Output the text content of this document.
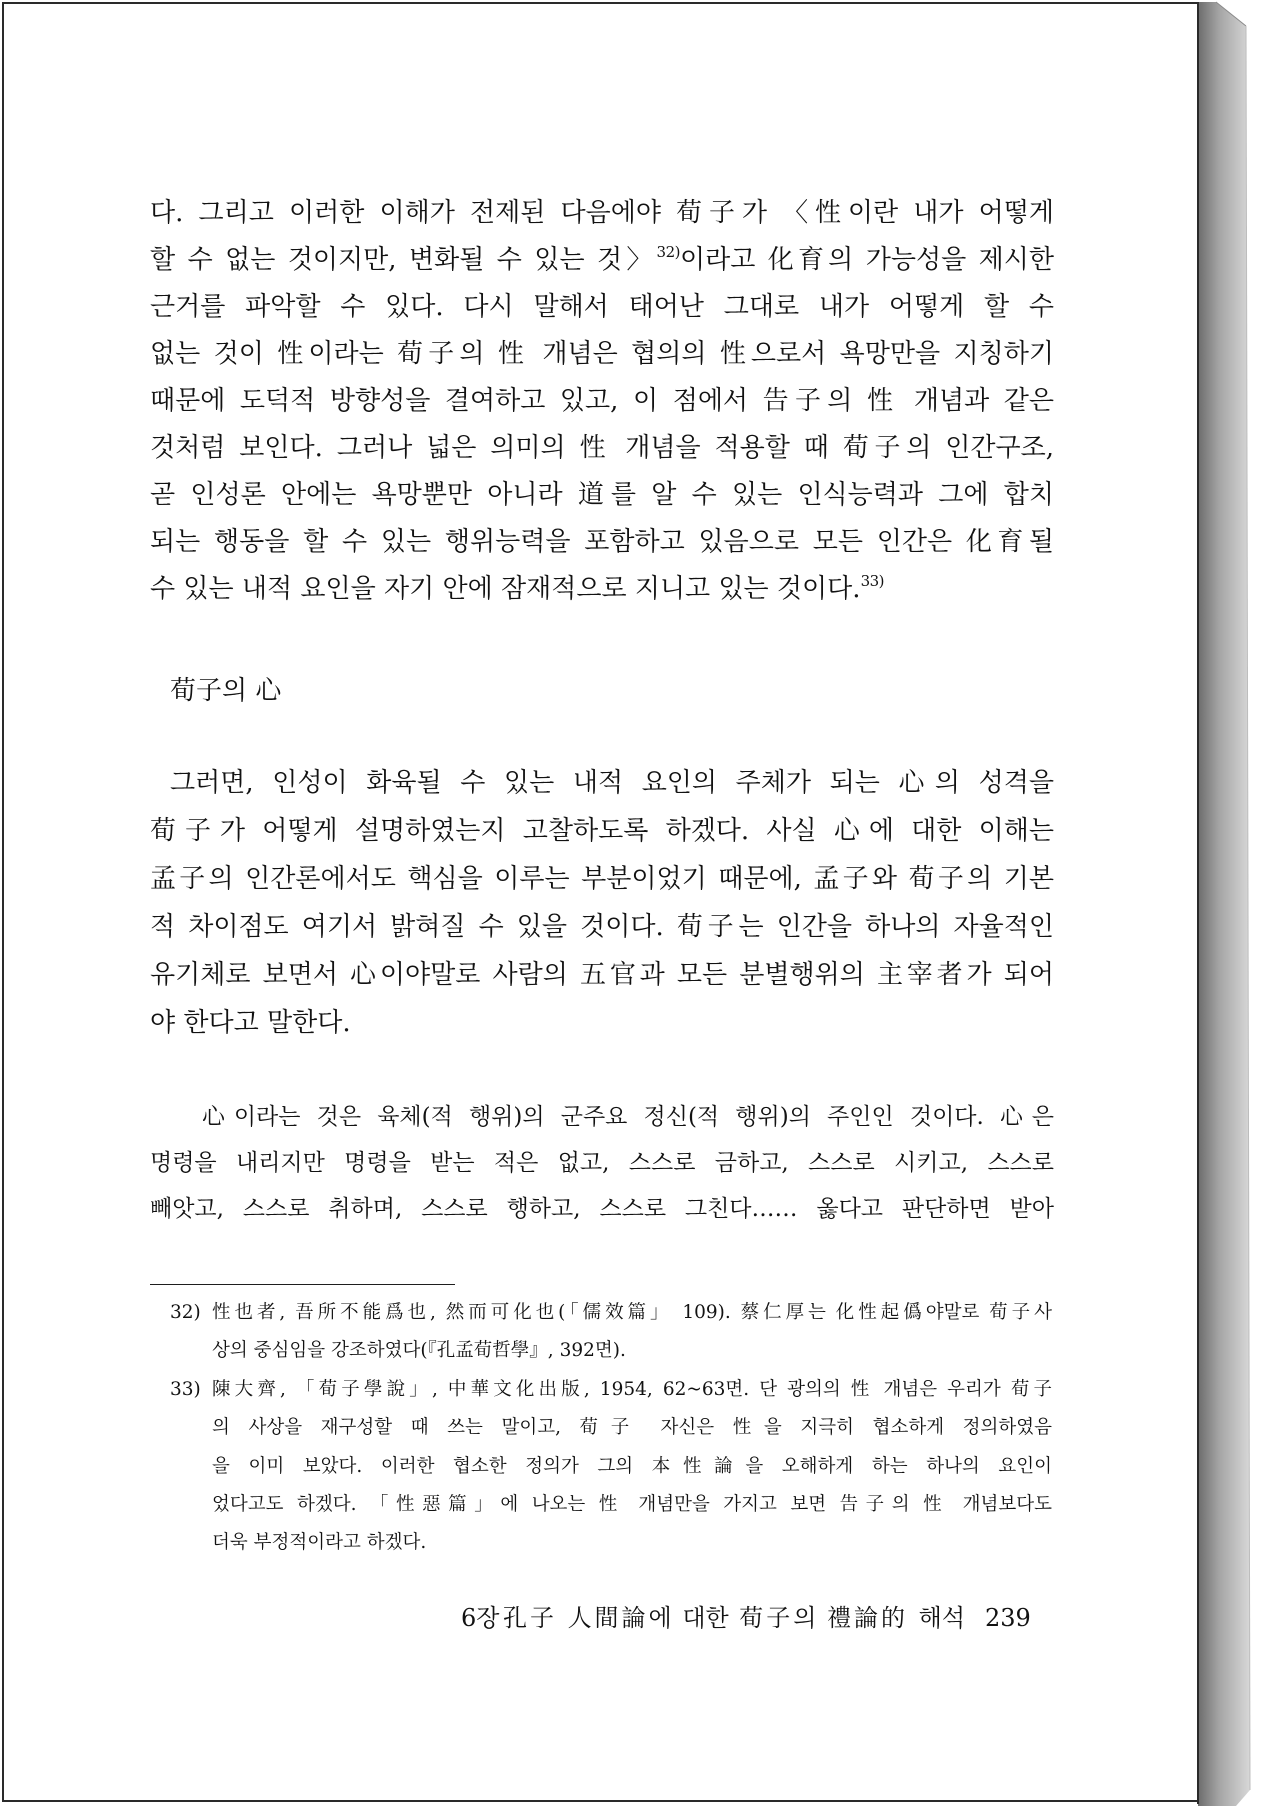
다. 그리고 이러한 이해가 전제된 다음에야 荀子가 〈性이란 내가 어떻게
할 수 없는 것이지만, 변화될 수 있는 것〉$^{32)}$이라고 化育의 가능성을 제시한
근거를 파악할 수 있다. 다시 말해서 태어난 그대로 내가 어떻게 할 수
없는 것이 性이라는 荀子의 性 개념은 협의의 性으로서 욕망만을 지칭하기
때문에 도덕적 방향성을 결여하고 있고, 이 점에서 告子의 性 개념과 같은
것처럼 보인다. 그러나 넓은 의미의 性 개념을 적용할 때 荀子의 인간구조,
곧 인성론 안에는 욕망뿐만 아니라 道를 알 수 있는 인식능력과 그에 합치
되는 행동을 할 수 있는 행위능력을 포함하고 있음으로 모든 인간은 化育될
수 있는 내적 요인을 자기 안에 잠재적으로 지니고 있는 것이다.$^{33)}$
荀子의 心
그러면, 인성이 화육될 수 있는 내적 요인의 주체가 되는 心의 성격을
荀子가 어떻게 설명하였는지 고찰하도록 하겠다. 사실 心에 대한 이해는
孟子의 인간론에서도 핵심을 이루는 부분이었기 때문에, 孟子와 荀子의 기본
적 차이점도 여기서 밝혀질 수 있을 것이다. 荀子는 인간을 하나의 자율적인
유기체로 보면서 心이야말로 사람의 五官과 모든 분별행위의 主宰者가 되어
야 한다고 말한다.
心이라는 것은 육체(적 행위)의 군주요 정신(적 행위)의 주인인 것이다. 心은
명령을 내리지만 명령을 받는 적은 없고, 스스로 금하고, 스스로 시키고, 스스로
빼앗고, 스스로 취하며, 스스로 행하고, 스스로 그친다…… 옳다고 판단하면 받아
32) 性也者, 吾所不能爲也, 然而可化也(「儒效篇」 109). 蔡仁厚는 化性起僞야말로 荀子사
상의 중심임을 강조하였다(『孔孟荀哲學』, 392면).
33) 陳大齊, 「荀子學說」, 中華文化出版, 1954, 62~63면. 단 광의의 性 개념은 우리가 荀子
의 사상을 재구성할 때 쓰는 말이고, 荀子 자신은 性을 지극히 협소하게 정의하였음
을 이미 보았다. 이러한 협소한 정의가 그의 本性論을 오해하게 하는 하나의 요인이
었다고도 하겠다. 「性惡篇」에 나오는 性 개념만을 가지고 보면 告子의 性 개념보다도
더욱 부정적이라고 하겠다.
6장 孔子 人間論에 대한 荀子의 禮論的 해석 239
